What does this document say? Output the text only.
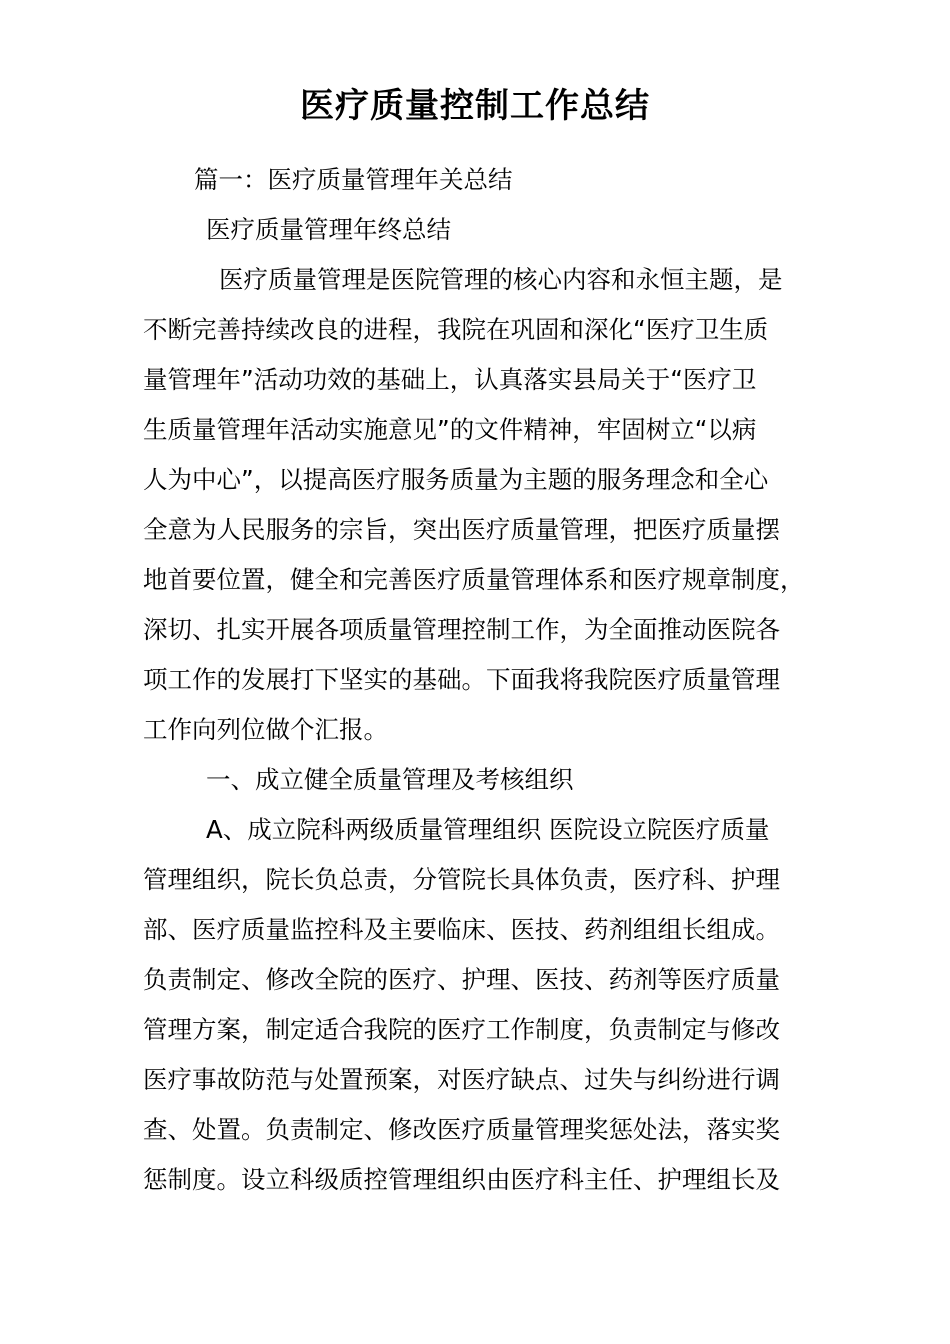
医疗质量控制工作总结
篇一：医疗质量管理年关总结
医疗质量管理年终总结
医疗质量管理是医院管理的核心内容和永恒主题，是
不断完善持续改良的进程，我院在巩固和深化“医疗卫生质
量管理年”活动功效的基础上，认真落实县局关于“医疗卫
生质量管理年活动实施意见”的文件精神，牢固树立“以病
人为中心”，以提高医疗服务质量为主题的服务理念和全心
全意为人民服务的宗旨，突出医疗质量管理，把医疗质量摆
地首要位置，健全和完善医疗质量管理体系和医疗规章制度，
深切、扎实开展各项质量管理控制工作，为全面推动医院各
项工作的发展打下坚实的基础。下面我将我院医疗质量管理
工作向列位做个汇报。
一、成立健全质量管理及考核组织
A、成立院科两级质量管理组织 医院设立院医疗质量
管理组织，院长负总责，分管院长具体负责，医疗科、护理
部、医疗质量监控科及主要临床、医技、药剂组组长组成。
负责制定、修改全院的医疗、护理、医技、药剂等医疗质量
管理方案，制定适合我院的医疗工作制度，负责制定与修改
医疗事故防范与处置预案，对医疗缺点、过失与纠纷进行调
查、处置。负责制定、修改医疗质量管理奖惩处法，落实奖
惩制度。设立科级质控管理组织由医疗科主任、护理组长及
